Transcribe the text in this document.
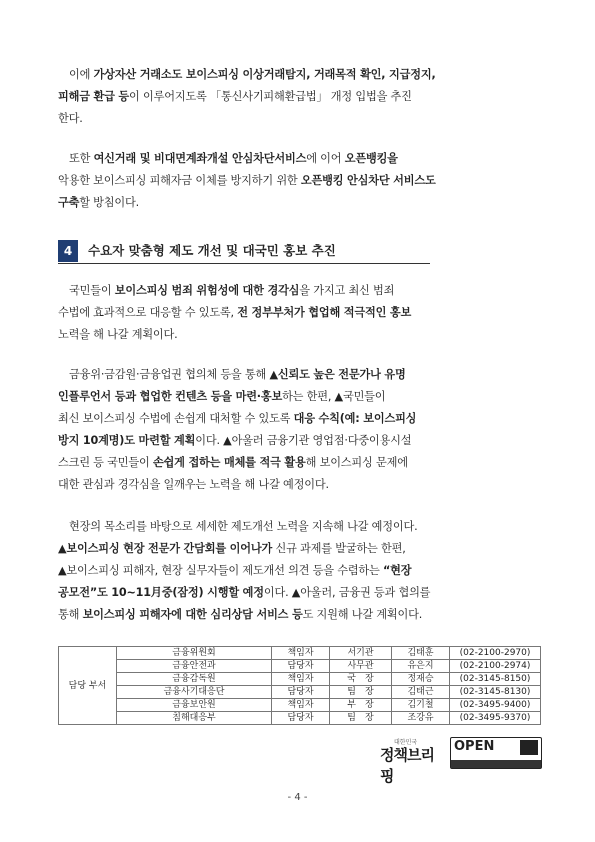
　이에 가상자산 거래소도 보이스피싱 이상거래탐지, 거래목적 확인, 지급정지,
피해금 환급 등이 이루어지도록 「통신사기피해환급법」 개정 입법을 추진
한다.
　또한 여신거래 및 비대면계좌개설 안심차단서비스에 이어 오픈뱅킹을
악용한 보이스피싱 피해자금 이체를 방지하기 위한 오픈뱅킹 안심차단 서비스도
구축할 방침이다.
4	수요자 맞춤형 제도 개선 및 대국민 홍보 추진
　국민들이 보이스피싱 범죄 위험성에 대한 경각심을 가지고 최신 범죄
수법에 효과적으로 대응할 수 있도록, 전 정부부처가 협업해 적극적인 홍보
노력을 해 나갈 계획이다.
　금융위·금감원·금융업권 협의체 등을 통해 ▲신뢰도 높은 전문가나 유명
인플루언서 등과 협업한 컨텐츠 등을 마련·홍보하는 한편, ▲국민들이
최신 보이스피싱 수법에 손쉽게 대처할 수 있도록 대응 수칙(예: 보이스피싱
방지 10계명)도 마련할 계획이다. ▲아울러 금융기관 영업점·다중이용시설
스크린 등 국민들이 손쉽게 접하는 매체를 적극 활용해 보이스피싱 문제에
대한 관심과 경각심을 일깨우는 노력을 해 나갈 예정이다.
　현장의 목소리를 바탕으로 세세한 제도개선 노력을 지속해 나갈 예정이다.
▲보이스피싱 현장 전문가 간담회를 이어나가 신규 과제를 발굴하는 한편,
▲보이스피싱 피해자, 현장 실무자들이 제도개선 의견 등을 수렴하는 “현장
공모전”도 10~11月중(잠정) 시행할 예정이다. ▲아울러, 금융권 등과 협의를
통해 보이스피싱 피해자에 대한 심리상담 서비스 등도 지원해 나갈 계획이다.
담당 부서	금융위원회	책임자	서기관	김태훈	(02-2100-2970)
	금융안전과	담당자	사무관	유은지	(02-2100-2974)
	금융감독원	책임자	국　장	정재승	(02-3145-8150)
	금융사기대응단	담당자	팀　장	김태근	(02-3145-8130)
	금융보안원	책임자	부　장	김기철	(02-3495-9400)
	침해대응부	담당자	팀　장	조강유	(02-3495-9370)
대한민국
정책브리핑
OPEN
- 4 -
